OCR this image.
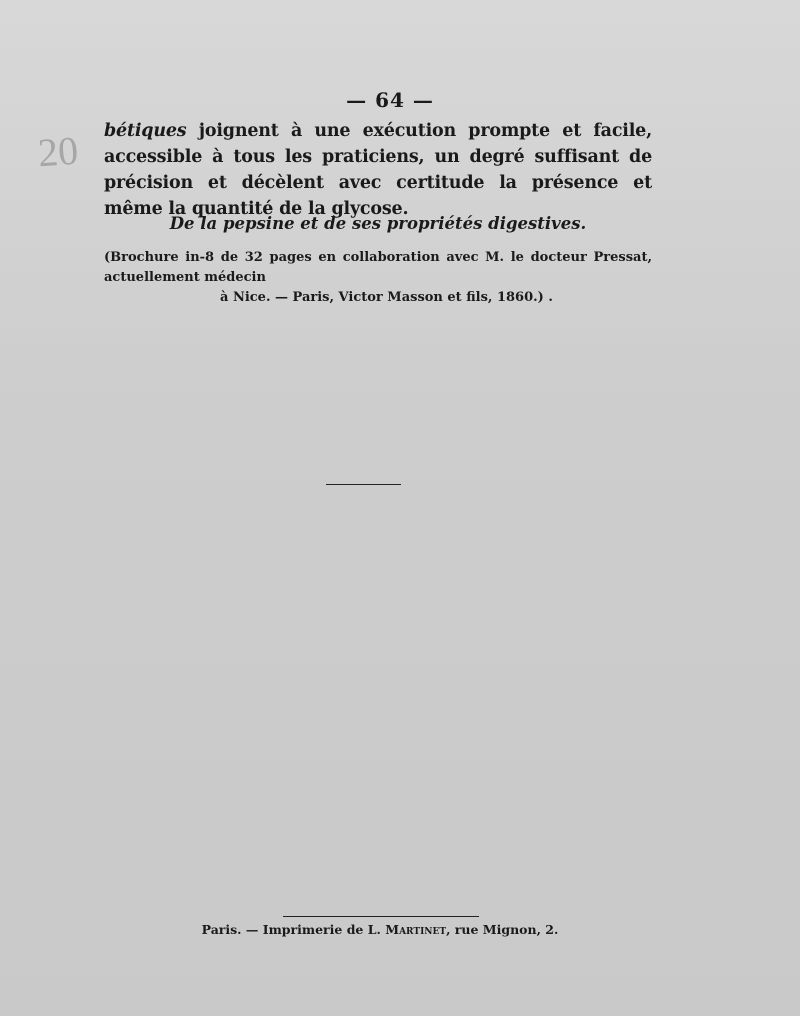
20
— 64 —

bétiques joignent à une exécution prompte et facile, accessible à tous les praticiens, un degré suffisant de précision et décèlent avec certitude la présence et même la quantité de la glycose.

De la pepsine et de ses propriétés digestives.
(Brochure in-8 de 32 pages en collaboration avec M. le docteur Pressat, actuellement médecin
à Nice. — Paris, Victor Masson et fils, 1860.) .
Paris. — Imprimerie de L. Martinet, rue Mignon, 2.
